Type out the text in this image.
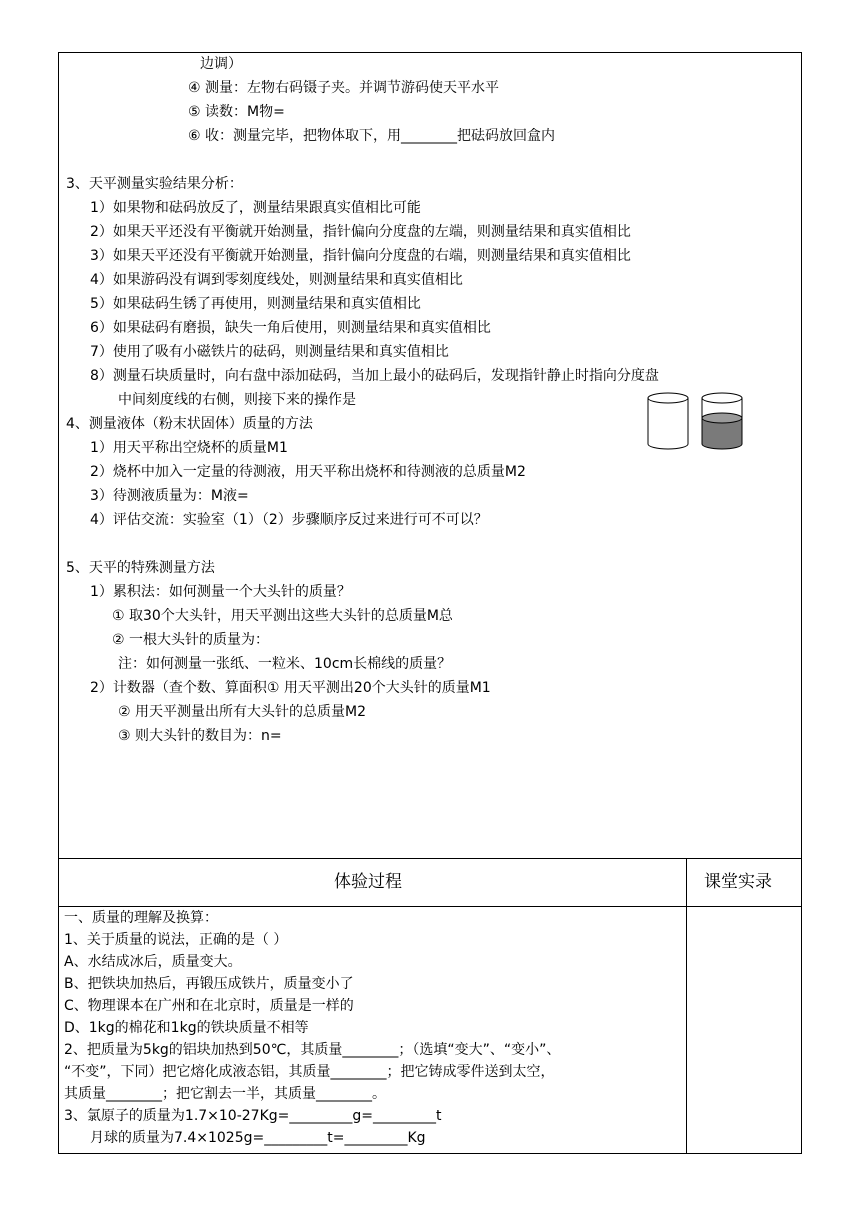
边调）
④ 测量：左物右码镊子夹。并调节游码使天平水平
⑤ 读数：M物=
⑥ 收：测量完毕，把物体取下，用________把砝码放回盒内
3、天平测量实验结果分析：
1）如果物和砝码放反了，测量结果跟真实值相比可能
2）如果天平还没有平衡就开始测量，指针偏向分度盘的左端，则测量结果和真实值相比
3）如果天平还没有平衡就开始测量，指针偏向分度盘的右端，则测量结果和真实值相比
4）如果游码没有调到零刻度线处，则测量结果和真实值相比
5）如果砝码生锈了再使用，则测量结果和真实值相比
6）如果砝码有磨损，缺失一角后使用，则测量结果和真实值相比
7）使用了吸有小磁铁片的砝码，则测量结果和真实值相比
8）测量石块质量时，向右盘中添加砝码，当加上最小的砝码后，发现指针静止时指向分度盘
中间刻度线的右侧，则接下来的操作是
4、测量液体（粉末状固体）质量的方法
1）用天平称出空烧杯的质量M1
2）烧杯中加入一定量的待测液，用天平称出烧杯和待测液的总质量M2
3）待测液质量为：M液=
4）评估交流：实验室（1）（2）步骤顺序反过来进行可不可以？
5、天平的特殊测量方法
1）累积法：如何测量一个大头针的质量？
① 取30个大头针，用天平测出这些大头针的总质量M总
② 一根大头针的质量为：
注：如何测量一张纸、一粒米、10cm长棉线的质量？
2）计数器（查个数、算面积① 用天平测出20个大头针的质量M1
② 用天平测量出所有大头针的总质量M2
③ 则大头针的数目为：n=
体验过程	课堂实录
一、质量的理解及换算：
1、关于质量的说法，正确的是（ ）
A、水结成冰后，质量变大。
B、把铁块加热后，再锻压成铁片，质量变小了
C、物理课本在广州和在北京时，质量是一样的
D、1kg的棉花和1kg的铁块质量不相等
2、把质量为5kg的铝块加热到50℃，其质量________；（选填“变大”、“变小”、
“不变”，下同）把它熔化成液态铝，其质量________；把它铸成零件送到太空，
其质量________；把它割去一半，其质量________。
3、氯原子的质量为1.7×10-27Kg=_________g=_________t
月球的质量为7.4×1025g=_________t=_________Kg
